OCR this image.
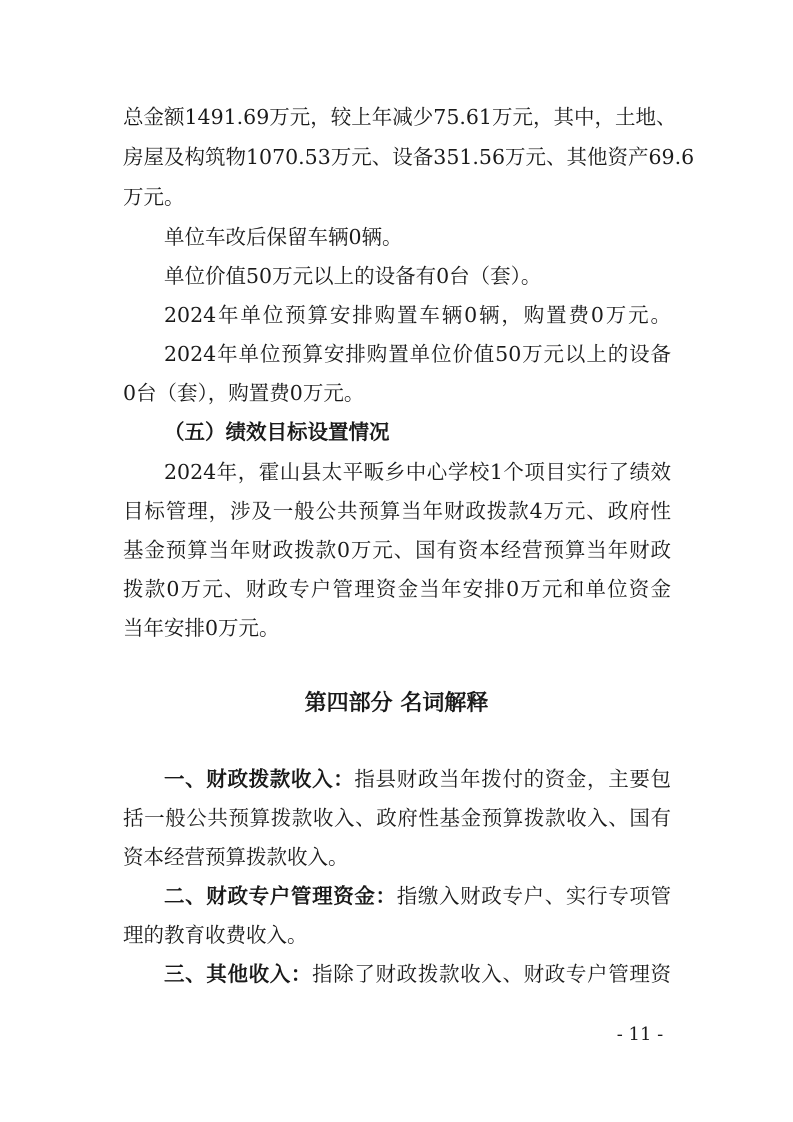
总金额1491.69万元，较上年减少75.61万元，其中，土地、
房屋及构筑物1070.53万元、设备351.56万元、其他资产69.6
万元。
单位车改后保留车辆0辆。
单位价值50万元以上的设备有0台（套）。
2024年单位预算安排购置车辆0辆，购置费0万元。
2024年单位预算安排购置单位价值50万元以上的设备
0台（套），购置费0万元。
（五）绩效目标设置情况
2024年，霍山县太平畈乡中心学校1个项目实行了绩效
目标管理，涉及一般公共预算当年财政拨款4万元、政府性
基金预算当年财政拨款0万元、国有资本经营预算当年财政
拨款0万元、财政专户管理资金当年安排0万元和单位资金
当年安排0万元。
第四部分 名词解释
一、财政拨款收入：指县财政当年拨付的资金，主要包
括一般公共预算拨款收入、政府性基金预算拨款收入、国有
资本经营预算拨款收入。
二、财政专户管理资金：指缴入财政专户、实行专项管
理的教育收费收入。
三、其他收入：指除了财政拨款收入、财政专户管理资
- 11 -
